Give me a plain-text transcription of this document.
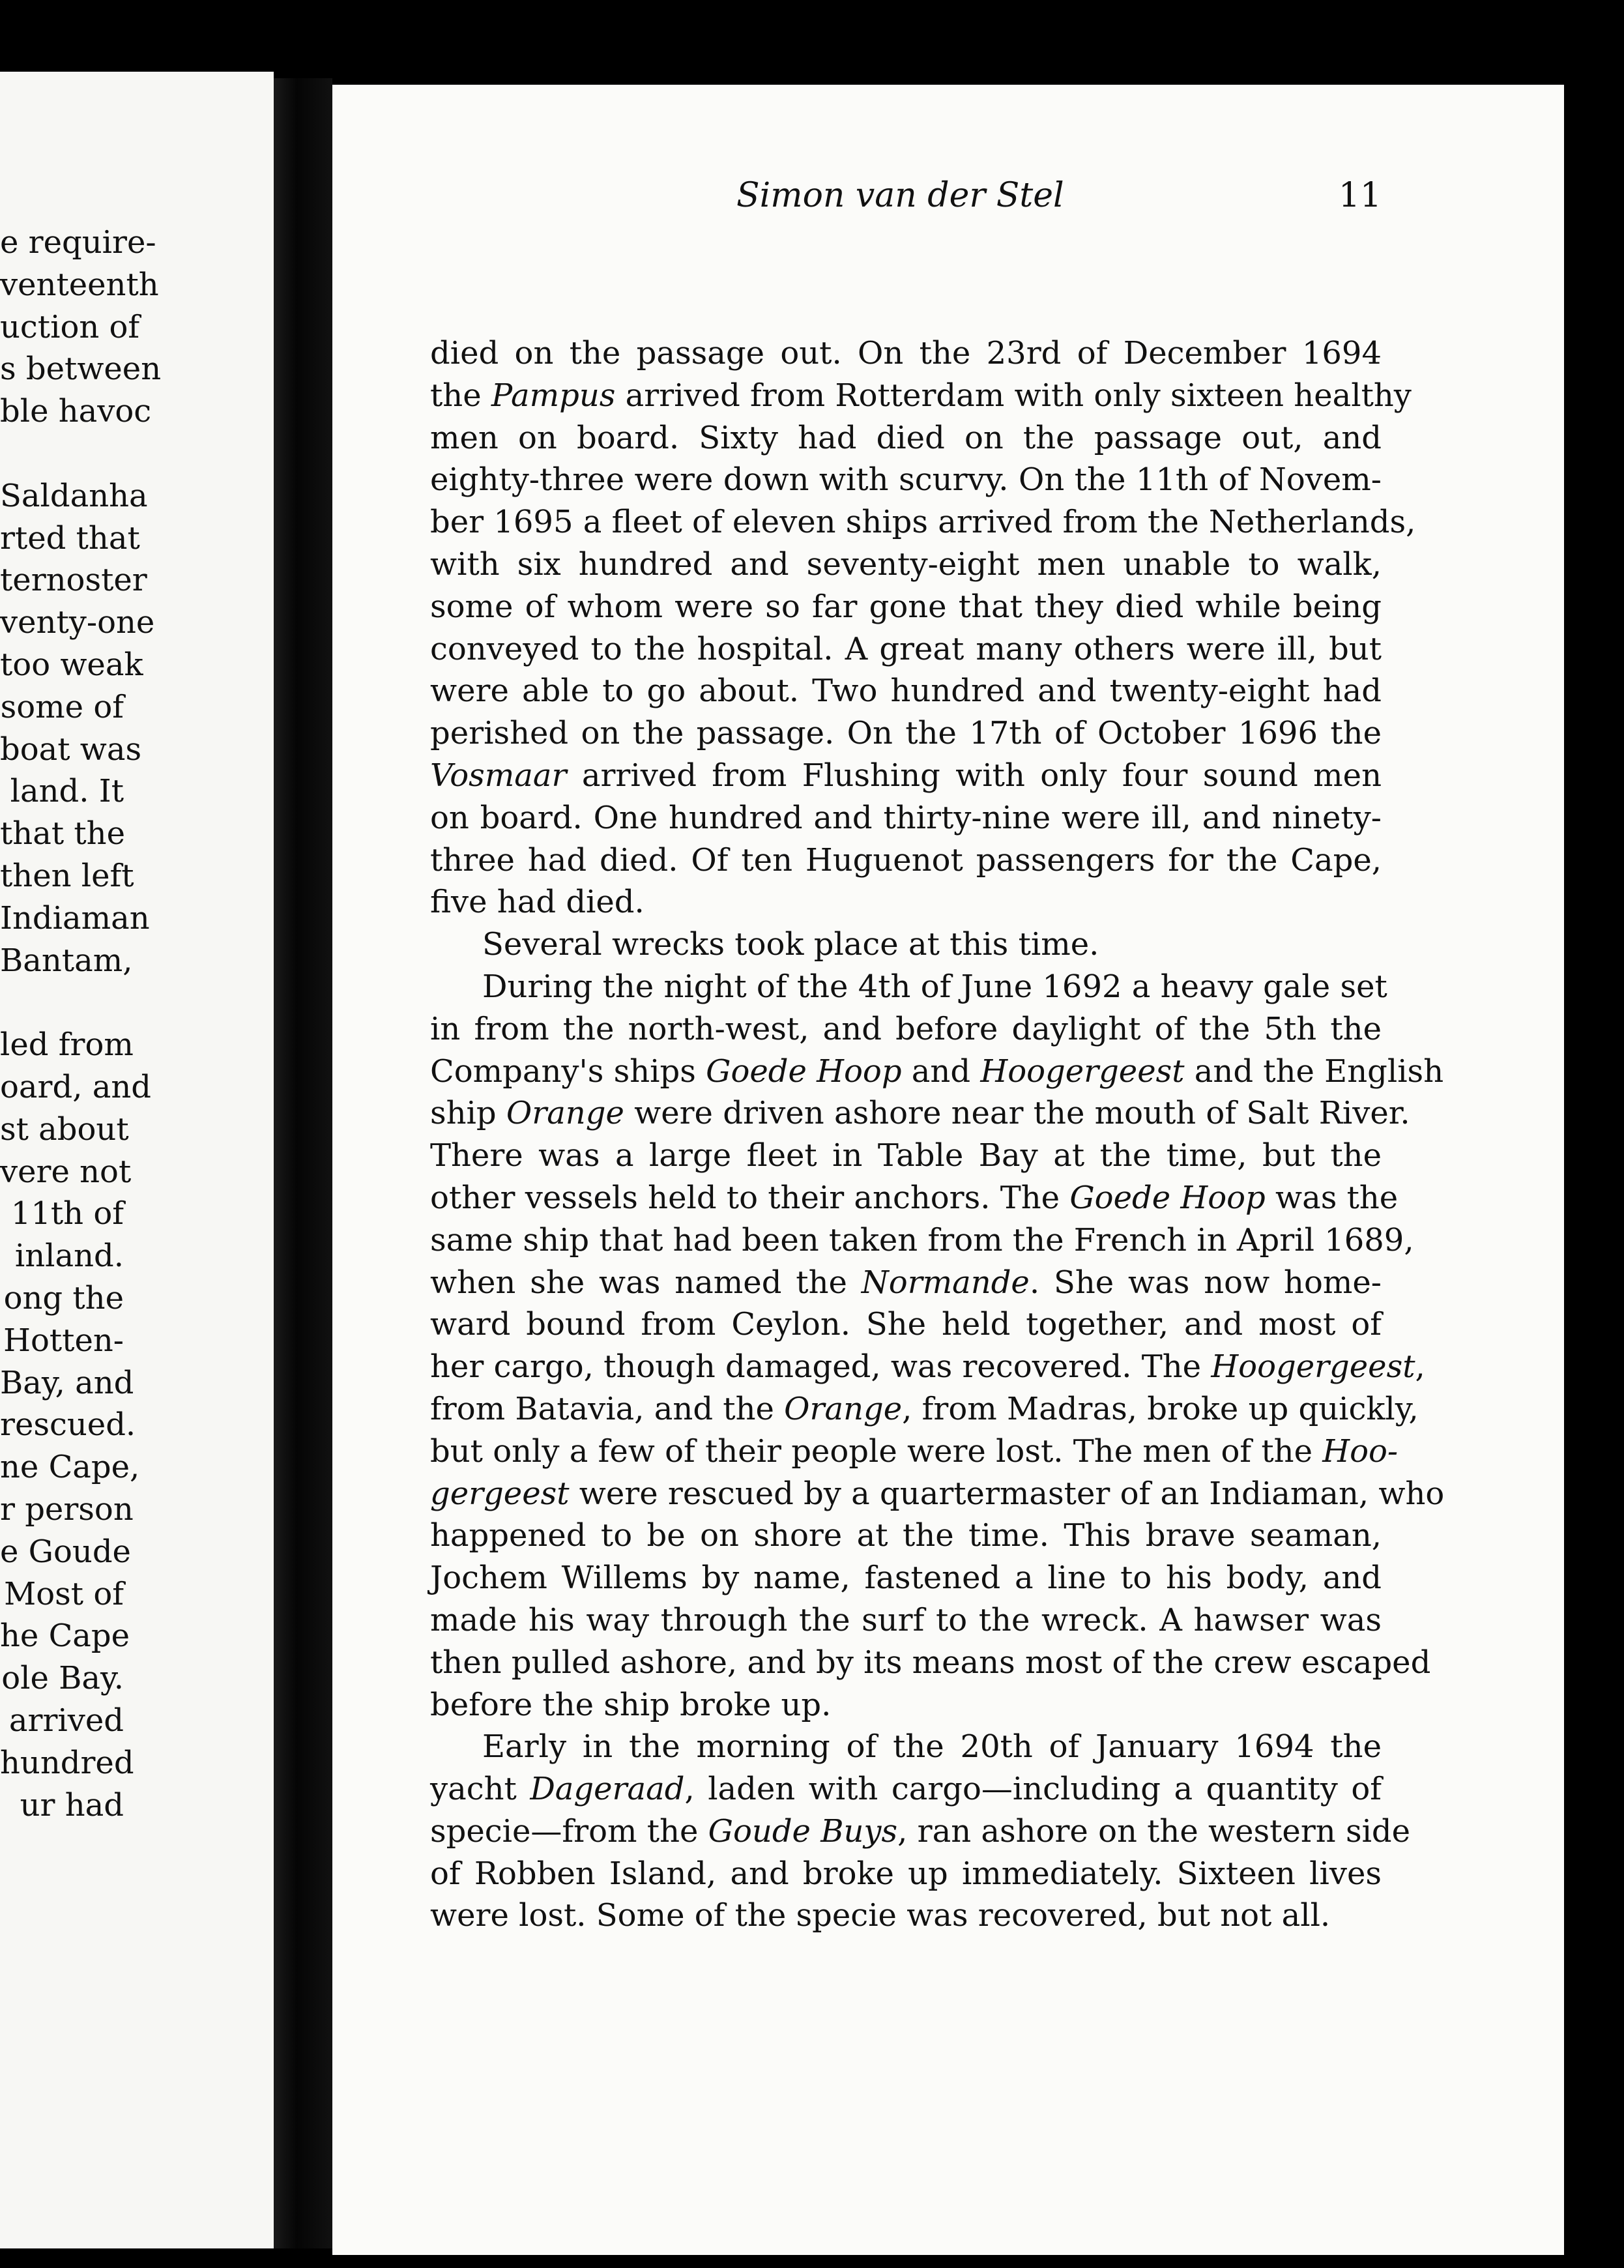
e require-
venteenth
uction of
s between
ble havoc
Saldanha
rted that
ternoster
venty-one
too weak
some of
boat was
land. It
that the
then left
Indiaman
Bantam,
led from
oard, and
st about
vere not
11th of
inland.
ong the
Hotten-
Bay, and
rescued.
ne Cape,
r person
e Goude
Most of
he Cape
ole Bay.
arrived
hundred
ur had
Simon van der Stel	11
died on the passage out. On the 23rd of December 1694
the Pampus arrived from Rotterdam with only sixteen healthy
men on board. Sixty had died on the passage out, and
eighty-three were down with scurvy. On the 11th of Novem-
ber 1695 a fleet of eleven ships arrived from the Netherlands,
with six hundred and seventy-eight men unable to walk,
some of whom were so far gone that they died while being
conveyed to the hospital. A great many others were ill, but
were able to go about. Two hundred and twenty-eight had
perished on the passage. On the 17th of October 1696 the
Vosmaar arrived from Flushing with only four sound men
on board. One hundred and thirty-nine were ill, and ninety-
three had died. Of ten Huguenot passengers for the Cape,
five had died.
Several wrecks took place at this time.
During the night of the 4th of June 1692 a heavy gale set
in from the north-west, and before daylight of the 5th the
Company's ships Goede Hoop and Hoogergeest and the English
ship Orange were driven ashore near the mouth of Salt River.
There was a large fleet in Table Bay at the time, but the
other vessels held to their anchors. The Goede Hoop was the
same ship that had been taken from the French in April 1689,
when she was named the Normande. She was now home-
ward bound from Ceylon. She held together, and most of
her cargo, though damaged, was recovered. The Hoogergeest
from Batavia, and the Orange, from Madras, broke up quickly,
but only a few of their people were lost. The men of the Hoo-
gergeest were rescued by a quartermaster of an Indiaman, who
happened to be on shore at the time. This brave seaman,
Jochem Willems by name, fastened a line to his body, and
made his way through the surf to the wreck. A hawser was
then pulled ashore, and by its means most of the crew escaped
before the ship broke up.
Early in the morning of the 20th of January 1694 the
yacht Dageraad, laden with cargo—including a quantity of
specie—from the Goude Buys, ran ashore on the western side
of Robben Island, and broke up immediately. Sixteen lives
were lost. Some of the specie was recovered, but not all.
